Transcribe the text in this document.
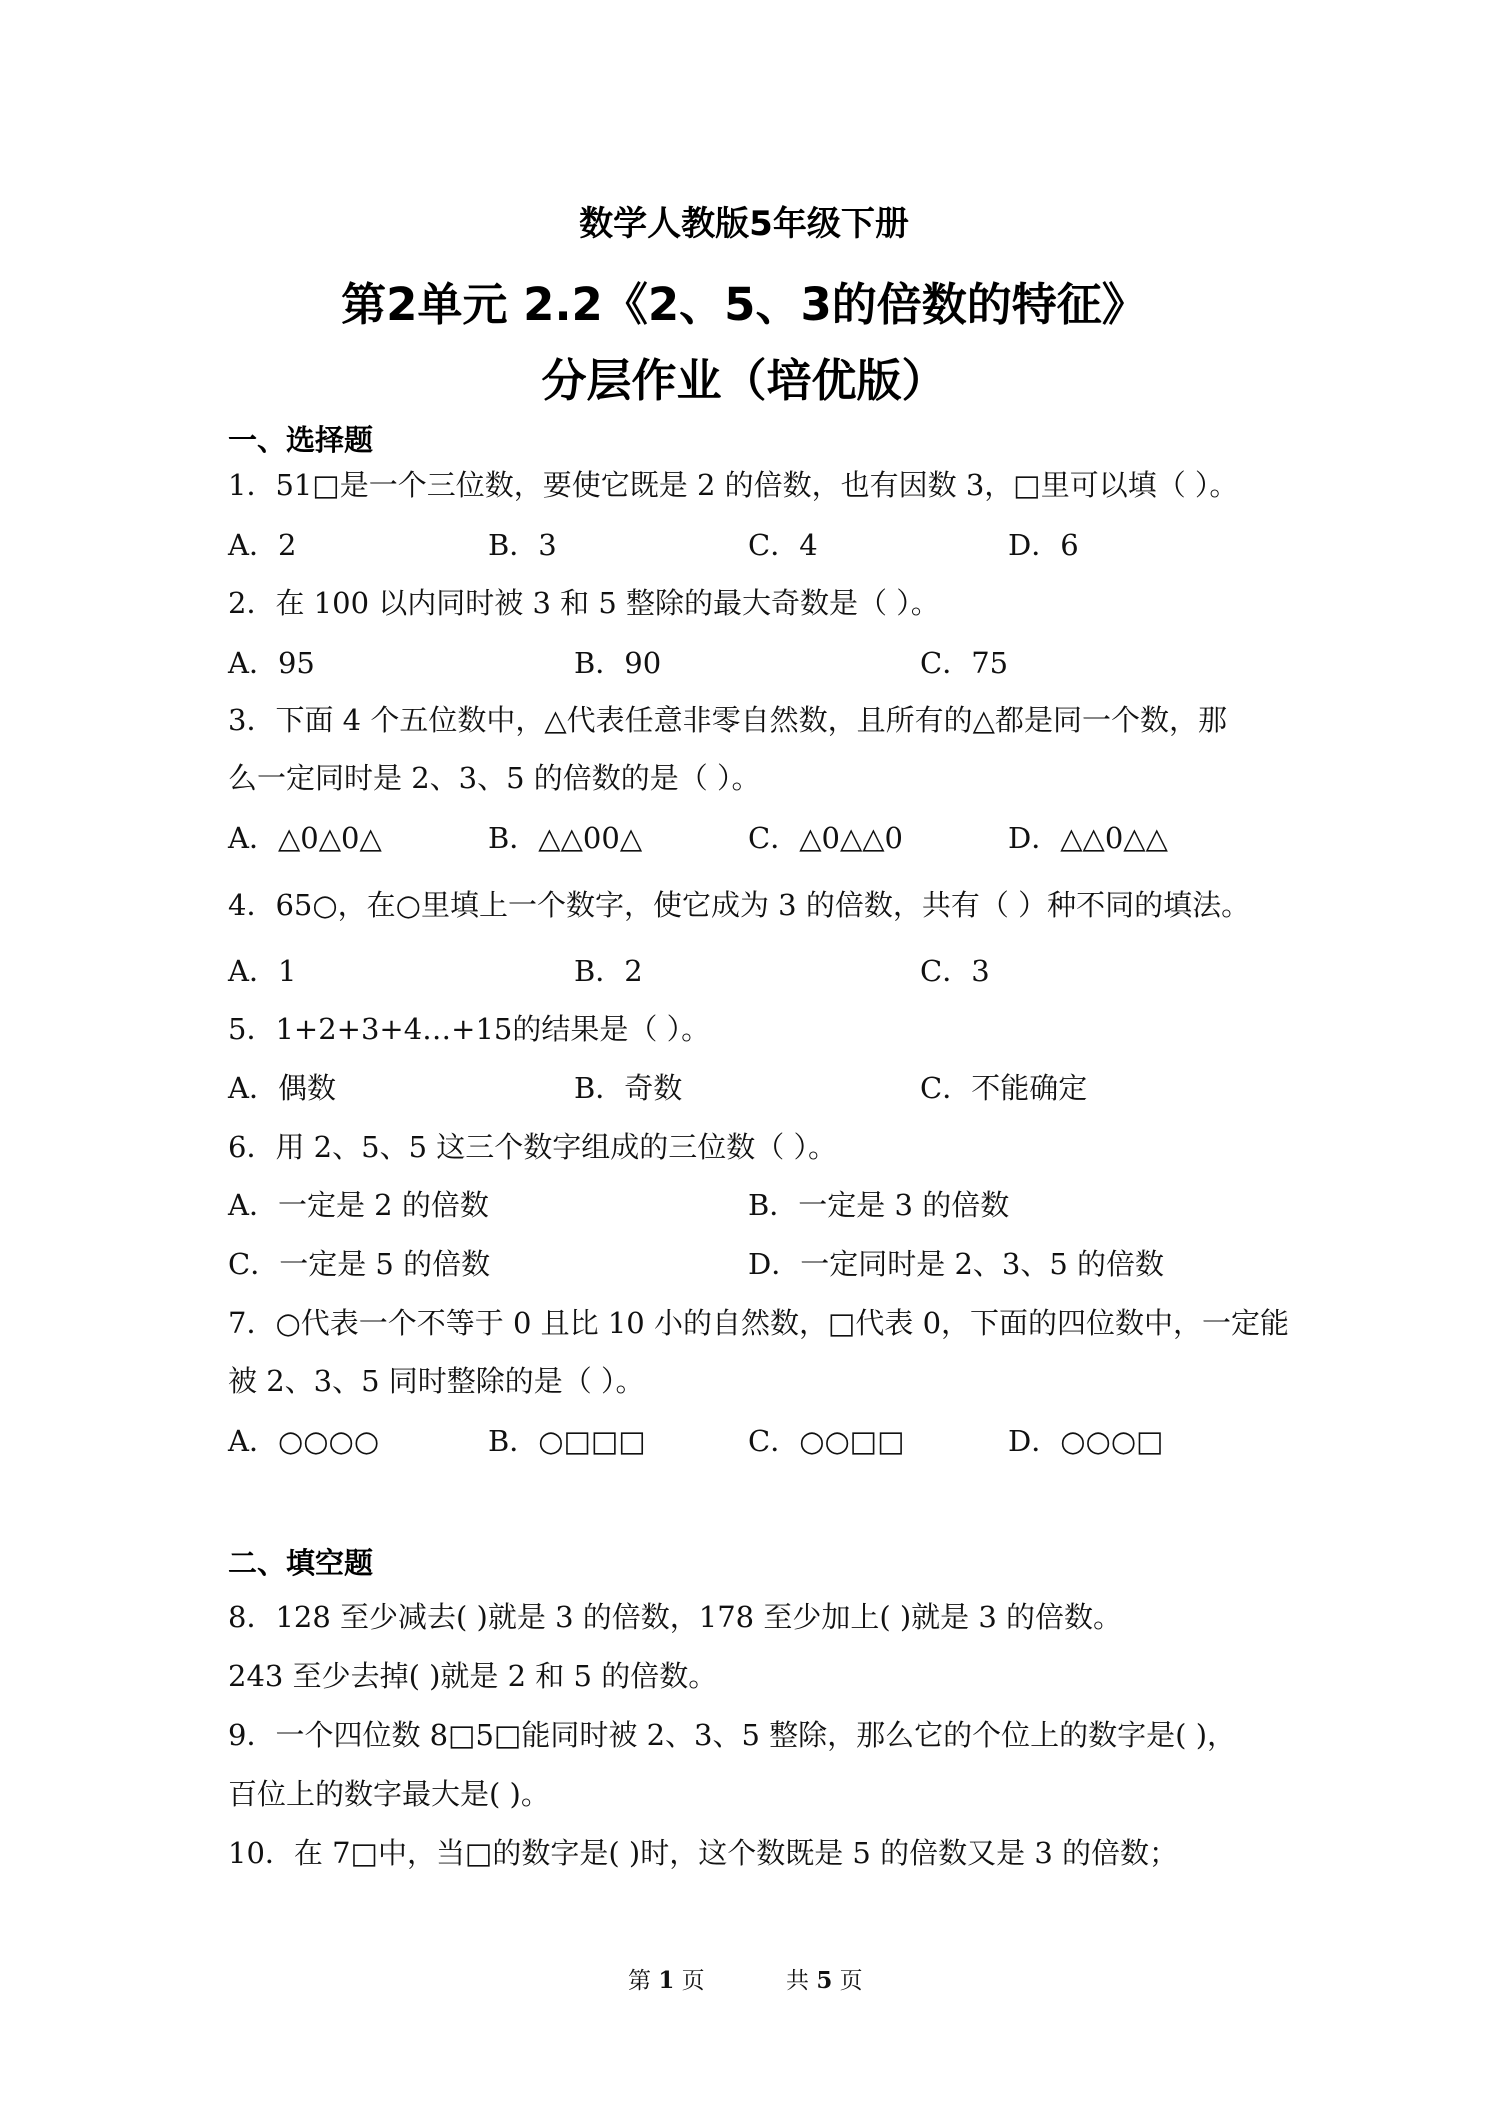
数学人教版5年级下册
第2单元 2.2《2、5、3的倍数的特征》
分层作业（培优版）
一、选择题
1．51□是一个三位数，要使它既是 2 的倍数，也有因数 3，□里可以填（ ）。
A．2	B．3	C．4	D．6
2．在 100 以内同时被 3 和 5 整除的最大奇数是（ ）。
A．95	B．90	C．75
3．下面 4 个五位数中，△代表任意非零自然数，且所有的△都是同一个数，那
么一定同时是 2、3、5 的倍数的是（ ）。
A．△0△0△	B．△△00△	C．△0△△0	D．△△0△△
4．65○，在○里填上一个数字，使它成为 3 的倍数，共有（ ）种不同的填法。
A．1	B．2	C．3
5．1+2+3+4…+15的结果是（ ）。
A．偶数	B．奇数	C．不能确定
6．用 2、5、5 这三个数字组成的三位数（ ）。
A．一定是 2 的倍数	B．一定是 3 的倍数
C．一定是 5 的倍数	D．一定同时是 2、3、5 的倍数
7．○代表一个不等于 0 且比 10 小的自然数，□代表 0，下面的四位数中，一定能
被 2、3、5 同时整除的是（ ）。
A．○○○○	B．○□□□	C．○○□□	D．○○○□
二、填空题
8．128 至少减去( )就是 3 的倍数，178 至少加上( )就是 3 的倍数。
243 至少去掉( )就是 2 和 5 的倍数。
9．一个四位数 8□5□能同时被 2、3、5 整除，那么它的个位上的数字是( )，
百位上的数字最大是( )。
10．在 7□中，当□的数字是( )时，这个数既是 5 的倍数又是 3 的倍数；
第 1 页	共 5 页
